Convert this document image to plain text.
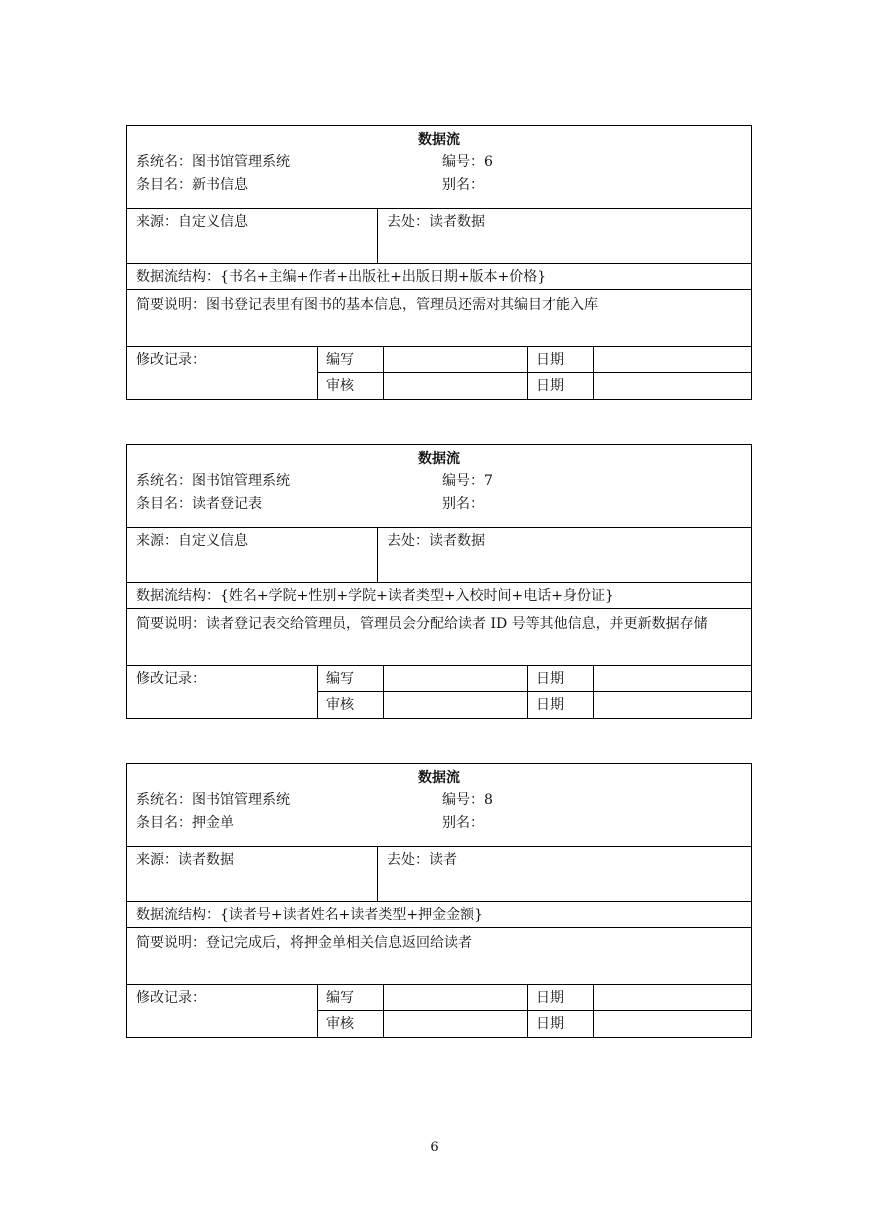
数据流
系统名：图书馆管理系统	编号：6
条目名：新书信息	别名：
来源：自定义信息	去处：读者数据
数据流结构：{书名+主编+作者+出版社+出版日期+版本+价格}
简要说明：图书登记表里有图书的基本信息，管理员还需对其编目才能入库
修改记录：	编写	日期
审核	日期
数据流
系统名：图书馆管理系统	编号：7
条目名：读者登记表	别名：
来源：自定义信息	去处：读者数据
数据流结构：{姓名+学院+性别+学院+读者类型+入校时间+电话+身份证}
简要说明：读者登记表交给管理员，管理员会分配给读者 ID 号等其他信息，并更新数据存储
修改记录：	编写	日期
审核	日期
数据流
系统名：图书馆管理系统	编号：8
条目名：押金单	别名：
来源：读者数据	去处：读者
数据流结构：{读者号+读者姓名+读者类型+押金金额}
简要说明：登记完成后，将押金单相关信息返回给读者
修改记录：	编写	日期
审核	日期
6
